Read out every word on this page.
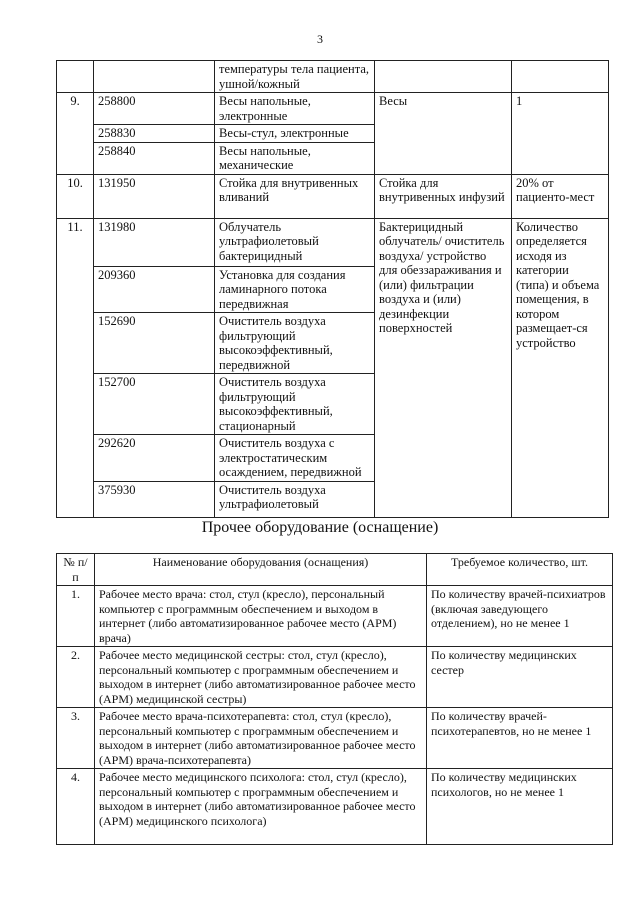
3
		температуры тела пациента, ушной/кожный		
9.	258800	Весы напольные, электронные	Весы	1
	258830	Весы-стул, электронные		
	258840	Весы напольные, механические		
10.	131950	Стойка для внутривенных вливаний	Стойка для внутривенных инфузий	20% от пациенто-мест
11.	131980	Облучатель ультрафиолетовый бактерицидный	Бактерицидный облучатель/ очиститель воздуха/ устройство для обеззараживания и (или) фильтрации воздуха и (или) дезинфекции поверхностей	Количество определяется исходя из категории (типа) и объема помещения, в котором размещает-ся устройство
	209360	Установка для создания ламинарного потока передвижная		
	152690	Очиститель воздуха фильтрующий высокоэффективный, передвижной		
	152700	Очиститель воздуха фильтрующий высокоэффективный, стационарный		
	292620	Очиститель воздуха с электростатическим осаждением, передвижной		
	375930	Очиститель воздуха ультрафиолетовый		
Прочее оборудование (оснащение)
№ п/п	Наименование оборудования (оснащения)	Требуемое количество, шт.
1.	Рабочее место врача: стол, стул (кресло), персональный компьютер с программным обеспечением и выходом в интернет (либо автоматизированное рабочее место (АРМ) врача)	По количеству врачей-психиатров (включая заведующего отделением), но не менее 1
2.	Рабочее место медицинской сестры: стол, стул (кресло), персональный компьютер с программным обеспечением и выходом в интернет (либо автоматизированное рабочее место (АРМ) медицинской сестры)	По количеству медицинских сестер
3.	Рабочее место врача-психотерапевта: стол, стул (кресло), персональный компьютер с программным обеспечением и выходом в интернет (либо автоматизированное рабочее место (АРМ) врача-психотерапевта)	По количеству врачей-психотерапевтов, но не менее 1
4.	Рабочее место медицинского психолога: стол, стул (кресло), персональный компьютер с программным обеспечением и выходом в интернет (либо автоматизированное рабочее место (АРМ) медицинского психолога)	По количеству медицинских психологов, но не менее 1
